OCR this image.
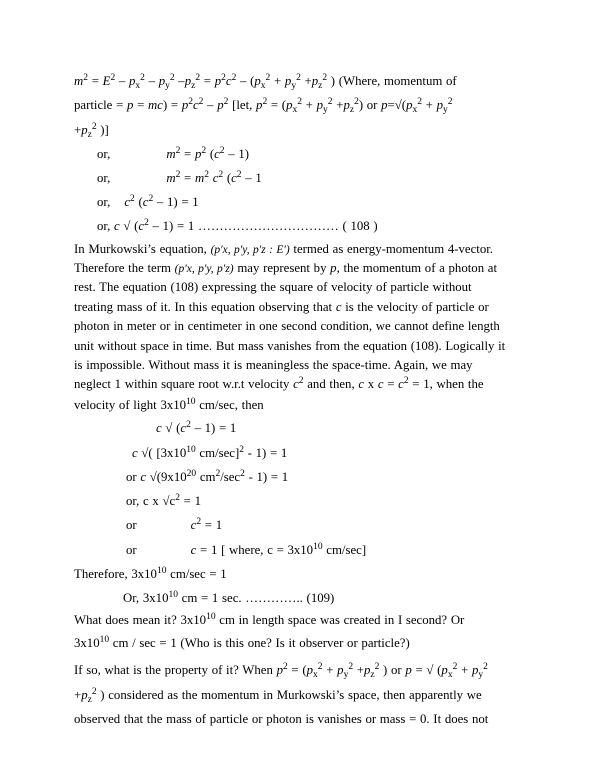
$m^2 = E^2 - p_x^2 - p_y^2$ $-p_z^2 = p^2c^2 - (p_x^2 + p_y^2 +p_z^2$ ) (Where, momentum of
particle = $p = mc) = p^2c^2 - p^2$ [let, $p^2 = (p_x^2 + p_y^2 +p_z^2)$ or $p=√(p_x^2 + p_y^2$
$+p_z^2$ )]
or,	$m^2 = p^2$ $(c^2 - 1)$
or,	$m^2 = m^2$ $c^2$ ($c^2 - 1$
or, $c^2$ $(c^2 - 1) = 1$
or, c √ $(c^2 - 1) = 1$ …………………………… ( 108 )
In Murkowski’s equation, (p′x, p′y, p′z : E′) termed as energy-momentum 4-vector.
Therefore the term (p′x, p′y, p′z) may represent by p, the momentum of a photon at
rest. The equation (108) expressing the square of velocity of particle without
treating mass of it. In this equation observing that c is the velocity of particle or
photon in meter or in centimeter in one second condition, we cannot define length
unit without space in time. But mass vanishes from the equation (108). Logically it
is impossible. Without mass it is meaningless the space-time. Again, we may
neglect 1 within square root w.r.t velocity $c^2$ and then, c x $c = c^2 = 1$, when the
velocity of light $3x10^{10}$ cm/sec, then
c √ $(c^2 - 1) = 1$
c √( [$3x10^{10}$ cm/sec]$^2$ - 1) = 1
or c $√(9x10^{20}$ $cm^2/\sec^2 - 1) = 1$
or, c x $√c^2 = 1$
or	$c^2 = 1$
or	c = 1 [ where, $c = 3x10^{10}$ cm/sec]
Therefore, $3x10^{10}$ cm/sec = 1
Or, $3x10^{10}$ cm = 1 sec. ………….. (109)
What does mean it? $3x10^{10}$ cm in length space was created in I second? Or
$3x10^{10}$ cm / sec = 1 (Who is this one? Is it observer or particle?)
If so, what is the property of it? When $p^2 = (p_x^2 + p_y^2 +p_z^2$ ) or p = √ ($p_x^2 + p_y^2$
$+p_z^2$ ) considered as the momentum in Murkowski’s space, then apparently we
observed that the mass of particle or photon is vanishes or mass = 0. It does not
